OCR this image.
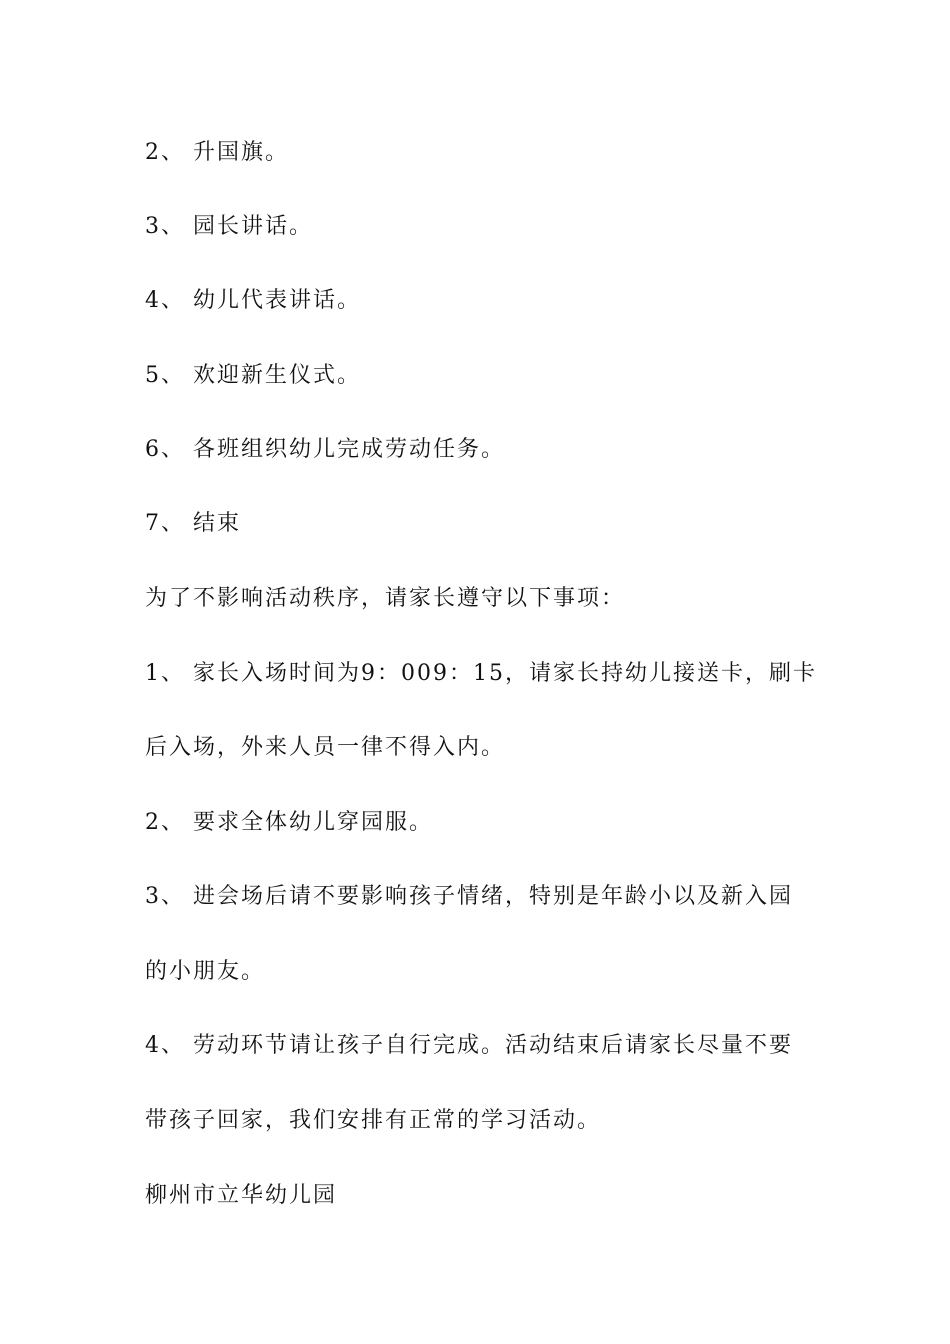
2、 升国旗。
3、 园长讲话。
4、 幼儿代表讲话。
5、 欢迎新生仪式。
6、 各班组织幼儿完成劳动任务。
7、 结束
为了不影响活动秩序，请家长遵守以下事项：
1、 家长入场时间为9：009：15，请家长持幼儿接送卡，刷卡
后入场，外来人员一律不得入内。
2、 要求全体幼儿穿园服。
3、 进会场后请不要影响孩子情绪，特别是年龄小以及新入园
的小朋友。
4、 劳动环节请让孩子自行完成。活动结束后请家长尽量不要
带孩子回家，我们安排有正常的学习活动。
柳州市立华幼儿园
